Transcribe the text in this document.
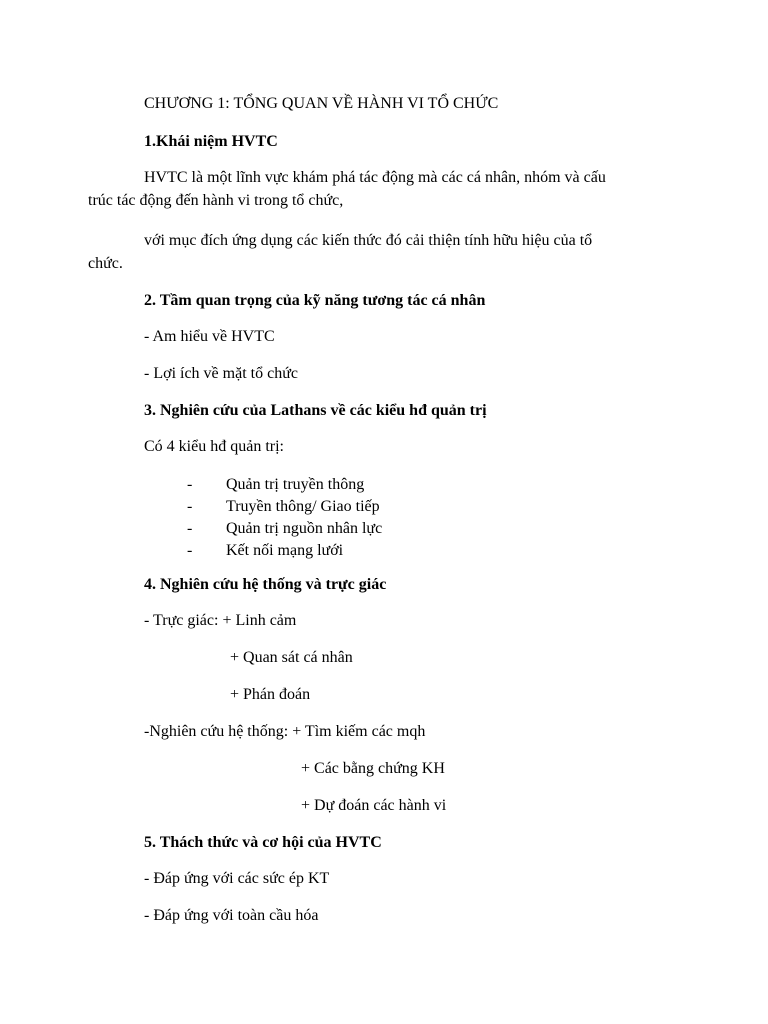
CHƯƠNG 1: TỔNG QUAN VỀ HÀNH VI TỔ CHỨC
1.Khái niệm HVTC
HVTC là một lĩnh vực khám phá tác động mà các cá nhân, nhóm và cấu
trúc tác động đến hành vi trong tổ chức,
với mục đích ứng dụng các kiến thức đó cải thiện tính hữu hiệu của tổ
chức.
2. Tầm quan trọng của kỹ năng tương tác cá nhân
- Am hiểu về HVTC
- Lợi ích về mặt tổ chức
3. Nghiên cứu của Lathans về các kiểu hđ quản trị
Có 4 kiểu hđ quản trị:
- Quản trị truyền thông
- Truyền thông/ Giao tiếp
- Quản trị nguồn nhân lực
- Kết nối mạng lưới
4. Nghiên cứu hệ thống và trực giác
- Trực giác: + Linh cảm
+ Quan sát cá nhân
+ Phán đoán
-Nghiên cứu hệ thống: + Tìm kiếm các mqh
+ Các bằng chứng KH
+ Dự đoán các hành vi
5. Thách thức và cơ hội của HVTC
- Đáp ứng với các sức ép KT
- Đáp ứng với toàn cầu hóa
